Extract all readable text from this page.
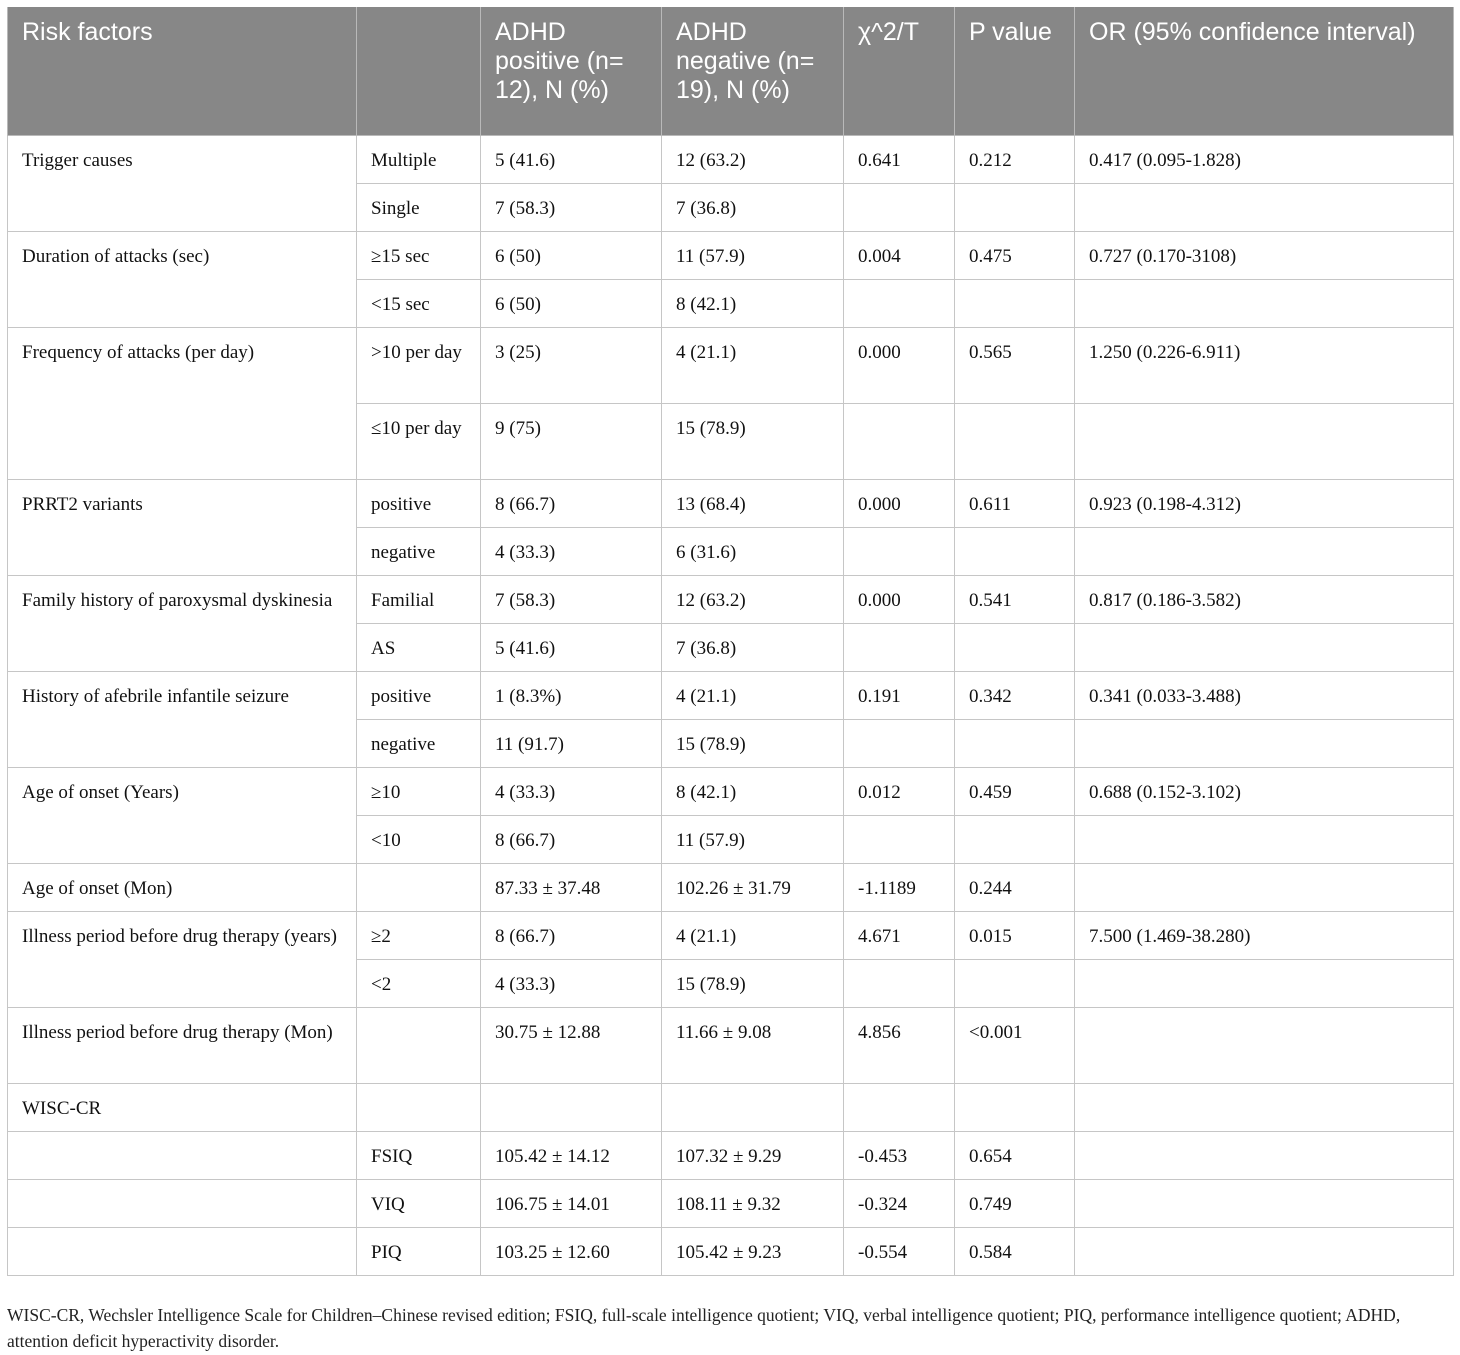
Risk factors		ADHD positive (n= 12), N (%)	ADHD negative (n= 19), N (%)	χ^2/T	P value	OR (95% confidence interval)
Trigger causes	Multiple	5 (41.6)	12 (63.2)	0.641	0.212	0.417 (0.095-1.828)
	Single	7 (58.3)	7 (36.8)			
Duration of attacks (sec)	≥15 sec	6 (50)	11 (57.9)	0.004	0.475	0.727 (0.170-3108)
	<15 sec	6 (50)	8 (42.1)			
Frequency of attacks (per day)	>10 per day	3 (25)	4 (21.1)	0.000	0.565	1.250 (0.226-6.911)
	≤10 per day	9 (75)	15 (78.9)			
PRRT2 variants	positive	8 (66.7)	13 (68.4)	0.000	0.611	0.923 (0.198-4.312)
	negative	4 (33.3)	6 (31.6)			
Family history of paroxysmal dyskinesia	Familial	7 (58.3)	12 (63.2)	0.000	0.541	0.817 (0.186-3.582)
	AS	5 (41.6)	7 (36.8)			
History of afebrile infantile seizure	positive	1 (8.3%)	4 (21.1)	0.191	0.342	0.341 (0.033-3.488)
	negative	11 (91.7)	15 (78.9)			
Age of onset (Years)	≥10	4 (33.3)	8 (42.1)	0.012	0.459	0.688 (0.152-3.102)
	<10	8 (66.7)	11 (57.9)			
Age of onset (Mon)		87.33 ± 37.48	102.26 ± 31.79	-1.1189	0.244	
Illness period before drug therapy (years)	≥2	8 (66.7)	4 (21.1)	4.671	0.015	7.500 (1.469-38.280)
	<2	4 (33.3)	15 (78.9)			
Illness period before drug therapy (Mon)		30.75 ± 12.88	11.66 ± 9.08	4.856	<0.001	
WISC-CR						
	FSIQ	105.42 ± 14.12	107.32 ± 9.29	-0.453	0.654	
	VIQ	106.75 ± 14.01	108.11 ± 9.32	-0.324	0.749	
	PIQ	103.25 ± 12.60	105.42 ± 9.23	-0.554	0.584	
WISC-CR, Wechsler Intelligence Scale for Children–Chinese revised edition; FSIQ, full-scale intelligence quotient; VIQ, verbal intelligence quotient; PIQ, performance intelligence quotient; ADHD, attention deficit hyperactivity disorder.
